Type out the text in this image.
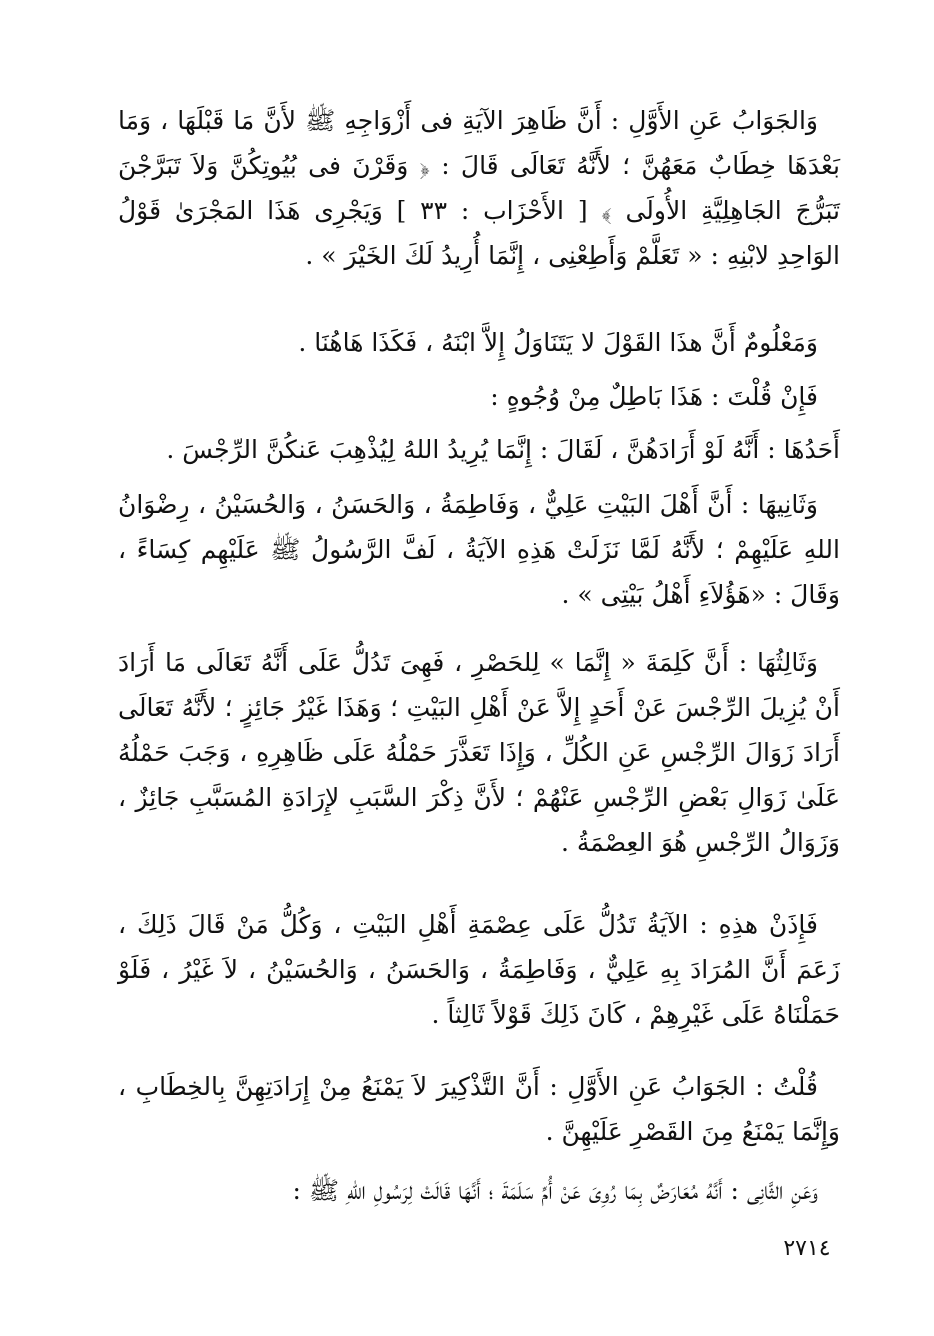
وَالجَوَابُ عَنِ الأَوَّلِ : أَنَّ ظَاهِرَ الآيَةِ فى أَزْوَاجِهِ ﷺ لأَنَّ مَا قَبْلَهَا ، وَمَا بَعْدَهَا خِطَابٌ مَعَهُنَّ ؛ لأَنَّهُ تَعَالَى قَالَ : ﴿ وَقَرْنَ فى بُيُوتِكُنَّ وَلاَ تَبَرَّجْنَ تَبَرُّجَ الجَاهِلِيَّةِ الأُولَى ﴾ [ الأَحْزَاب : ٣٣ ] وَيَجْرِى هَذَا المَجْرَىٰ قَوْلُ الوَاحِدِ لابْنِهِ : « تَعَلَّمْ وَأَطِعْنِى ، إِنَّمَا أُرِيدُ لَكَ الخَيْرَ » .

وَمَعْلُومٌ أَنَّ هذَا القَوْلَ لا يَتَنَاوَلُ إِلاَّ ابْنَهُ ، فَكَذَا هَاهُنَا .

فَإِنْ قُلْتَ : هَذَا بَاطِلٌ مِنْ وُجُوهٍ :

أَحَدُهَا : أَنَّهُ لَوْ أَرَادَهُنَّ ، لَقَالَ : إِنَّمَا يُرِيدُ اللهُ لِيُذْهِبَ عَنكُنَّ الرِّجْسَ .

وَثَانِيهَا : أَنَّ أَهْلَ البَيْتِ عَلِيٌّ ، وَفَاطِمَةُ ، وَالحَسَنُ ، وَالحُسَيْنُ ، رِضْوَانُ اللهِ عَلَيْهِمْ ؛ لأَنَّهُ لَمَّا نَزَلَتْ هَذِهِ الآيَةُ ، لَفَّ الرَّسُولُ ﷺ عَلَيْهِم كِسَاءً ، وَقَالَ : «هَؤُلاَءِ أَهْلُ بَيْتِى » .

وَثَالِثُهَا : أَنَّ كَلِمَةَ « إِنَّمَا » لِلحَصْرِ ، فَهِىَ تَدُلُّ عَلَى أَنَّهُ تَعَالَى مَا أَرَادَ أَنْ يُزِيلَ الرِّجْسَ عَنْ أَحَدٍ إِلاَّ عَنْ أَهْلِ البَيْتِ ؛ وَهَذَا غَيْرُ جَائِزٍ ؛ لأَنَّهُ تَعَالَى أَرَادَ زَوَالَ الرِّجْسِ عَنِ الكُلِّ ، وَإِذَا تَعَذَّرَ حَمْلُهُ عَلَى ظَاهِرِهِ ، وَجَبَ حَمْلُهُ عَلَىٰ زَوَالِ بَعْضِ الرِّجْسِ عَنْهُمْ ؛ لأَنَّ ذِكْرَ السَّبَبِ لإِرَادَةِ المُسَبَّبِ جَائِزٌ ، وَزَوَالُ الرِّجْسِ هُوَ العِصْمَةُ .

فَإِذَنْ هذِهِ : الآيَةُ تَدُلُّ عَلَى عِصْمَةِ أَهْلِ البَيْتِ ، وَكُلُّ مَنْ قَالَ ذَلِكَ ، زَعَمَ أَنَّ المُرَادَ بِهِ عَلِيٌّ ، وَفَاطِمَةُ ، وَالحَسَنُ ، وَالحُسَيْنُ ، لاَ غَيْرُ ، فَلَوْ حَمَلْنَاهُ عَلَى غَيْرِهِمْ ، كَانَ ذَلِكَ قَوْلاً ثَالِثاً .

قُلْتُ : الجَوَابُ عَنِ الأَوَّلِ : أَنَّ التَّذْكِيرَ لاَ يَمْنَعُ مِنْ إِرَادَتِهِنَّ بِالخِطَابِ ، وَإِنَّمَا يَمْنَعُ مِنَ القَصْرِ عَلَيْهِنَّ .

وَعَنِ الثَّانِى : أَنَّهُ مُعَارَضٌ بِمَا رُوِىَ عَنْ أُمِّ سَلَمَةَ ؛ أَنَّهَا قَالَتْ لِرَسُولِ اللهِ ﷺ :

٢٧١٤
